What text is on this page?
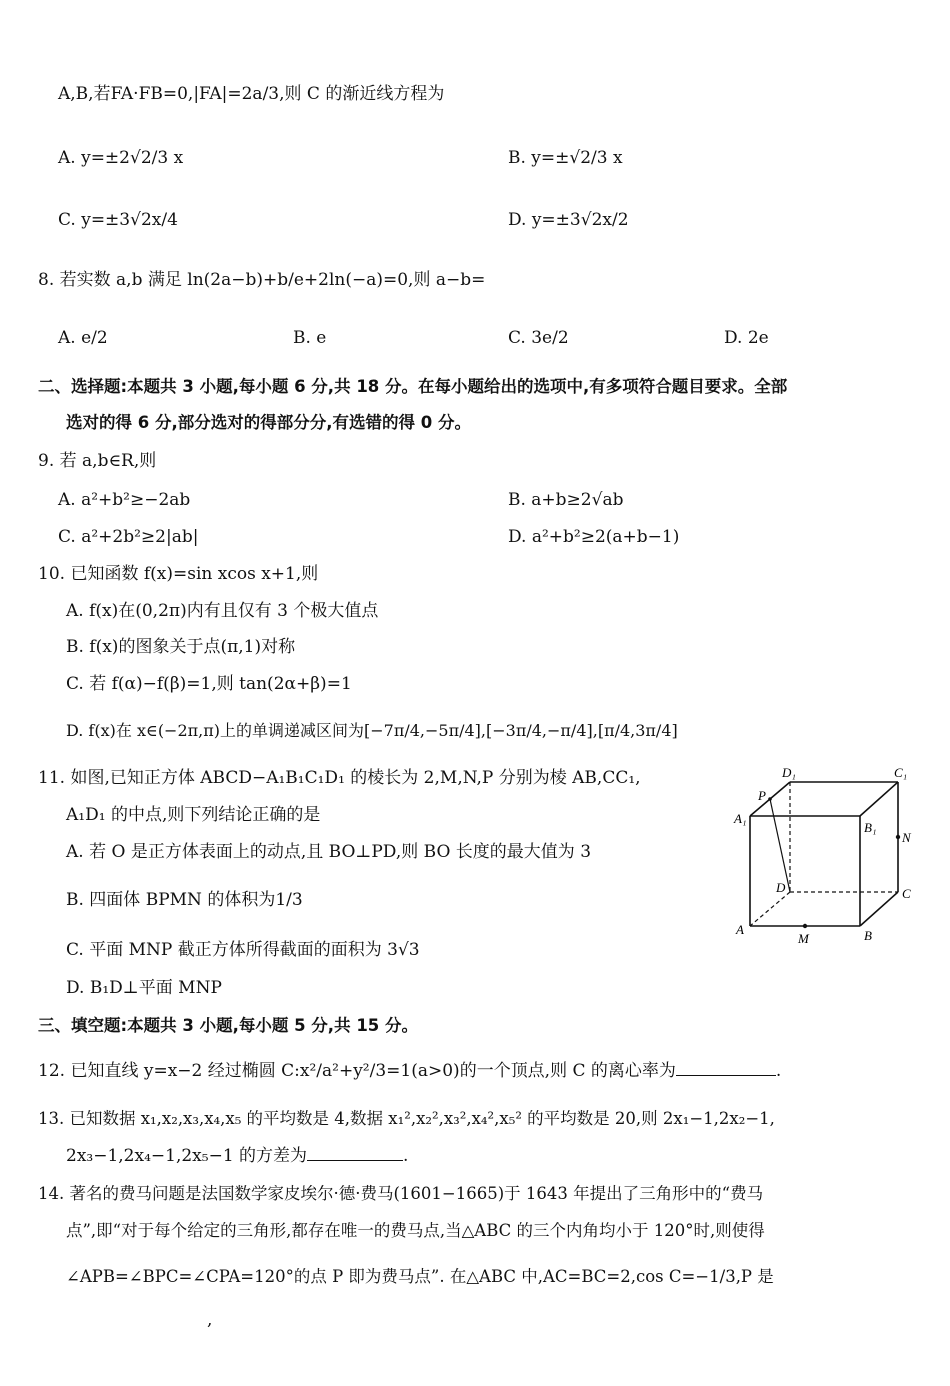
A,B,若FA·FB=0,|FA|=2a/3,则 C 的渐近线方程为
A. y=±2√2/3 x	B. y=±√2/3 x
C. y=±3√2x/4	D. y=±3√2x/2
8. 若实数 a,b 满足 ln(2a−b)+b/e+2ln(−a)=0,则 a−b=
A. e/2	B. e	C. 3e/2	D. 2e
二、选择题:本题共 3 小题,每小题 6 分,共 18 分。在每小题给出的选项中,有多项符合题目要求。全部
选对的得 6 分,部分选对的得部分分,有选错的得 0 分。
9. 若 a,b∈R,则
A. a²+b²≥−2ab	B. a+b≥2√ab
C. a²+2b²≥2|ab|	D. a²+b²≥2(a+b−1)
10. 已知函数 f(x)=sin xcos x+1,则
A. f(x)在(0,2π)内有且仅有 3 个极大值点
B. f(x)的图象关于点(π,1)对称
C. 若 f(α)−f(β)=1,则 tan(2α+β)=1
D. f(x)在 x∈(−2π,π)上的单调递减区间为[−7π/4,−5π/4],[−3π/4,−π/4],[π/4,3π/4]
11. 如图,已知正方体 ABCD−A₁B₁C₁D₁ 的棱长为 2,M,N,P 分别为棱 AB,CC₁,
A₁D₁ 的中点,则下列结论正确的是
A. 若 O 是正方体表面上的动点,且 BO⊥PD,则 BO 长度的最大值为 3
B. 四面体 BPMN 的体积为1/3
C. 平面 MNP 截正方体所得截面的面积为 3√3
D. B₁D⊥平面 MNP
D₁	C₁
P
A₁
B₁
N
D	C
A
M	B
三、填空题:本题共 3 小题,每小题 5 分,共 15 分。
12. 已知直线 y=x−2 经过椭圆 C:x²/a²+y²/3=1(a>0)的一个顶点,则 C 的离心率为	.
13. 已知数据 x₁,x₂,x₃,x₄,x₅ 的平均数是 4,数据 x₁²,x₂²,x₃²,x₄²,x₅² 的平均数是 20,则 2x₁−1,2x₂−1,
2x₃−1,2x₄−1,2x₅−1 的方差为	.
14. 著名的费马问题是法国数学家皮埃尔·德·费马(1601−1665)于 1643 年提出了三角形中的“费马
点”,即“对于每个给定的三角形,都存在唯一的费马点,当△ABC 的三个内角均小于 120°时,则使得
∠APB=∠BPC=∠CPA=120°的点 P 即为费马点”. 在△ABC 中,AC=BC=2,cos C=−1/3,P 是
,
